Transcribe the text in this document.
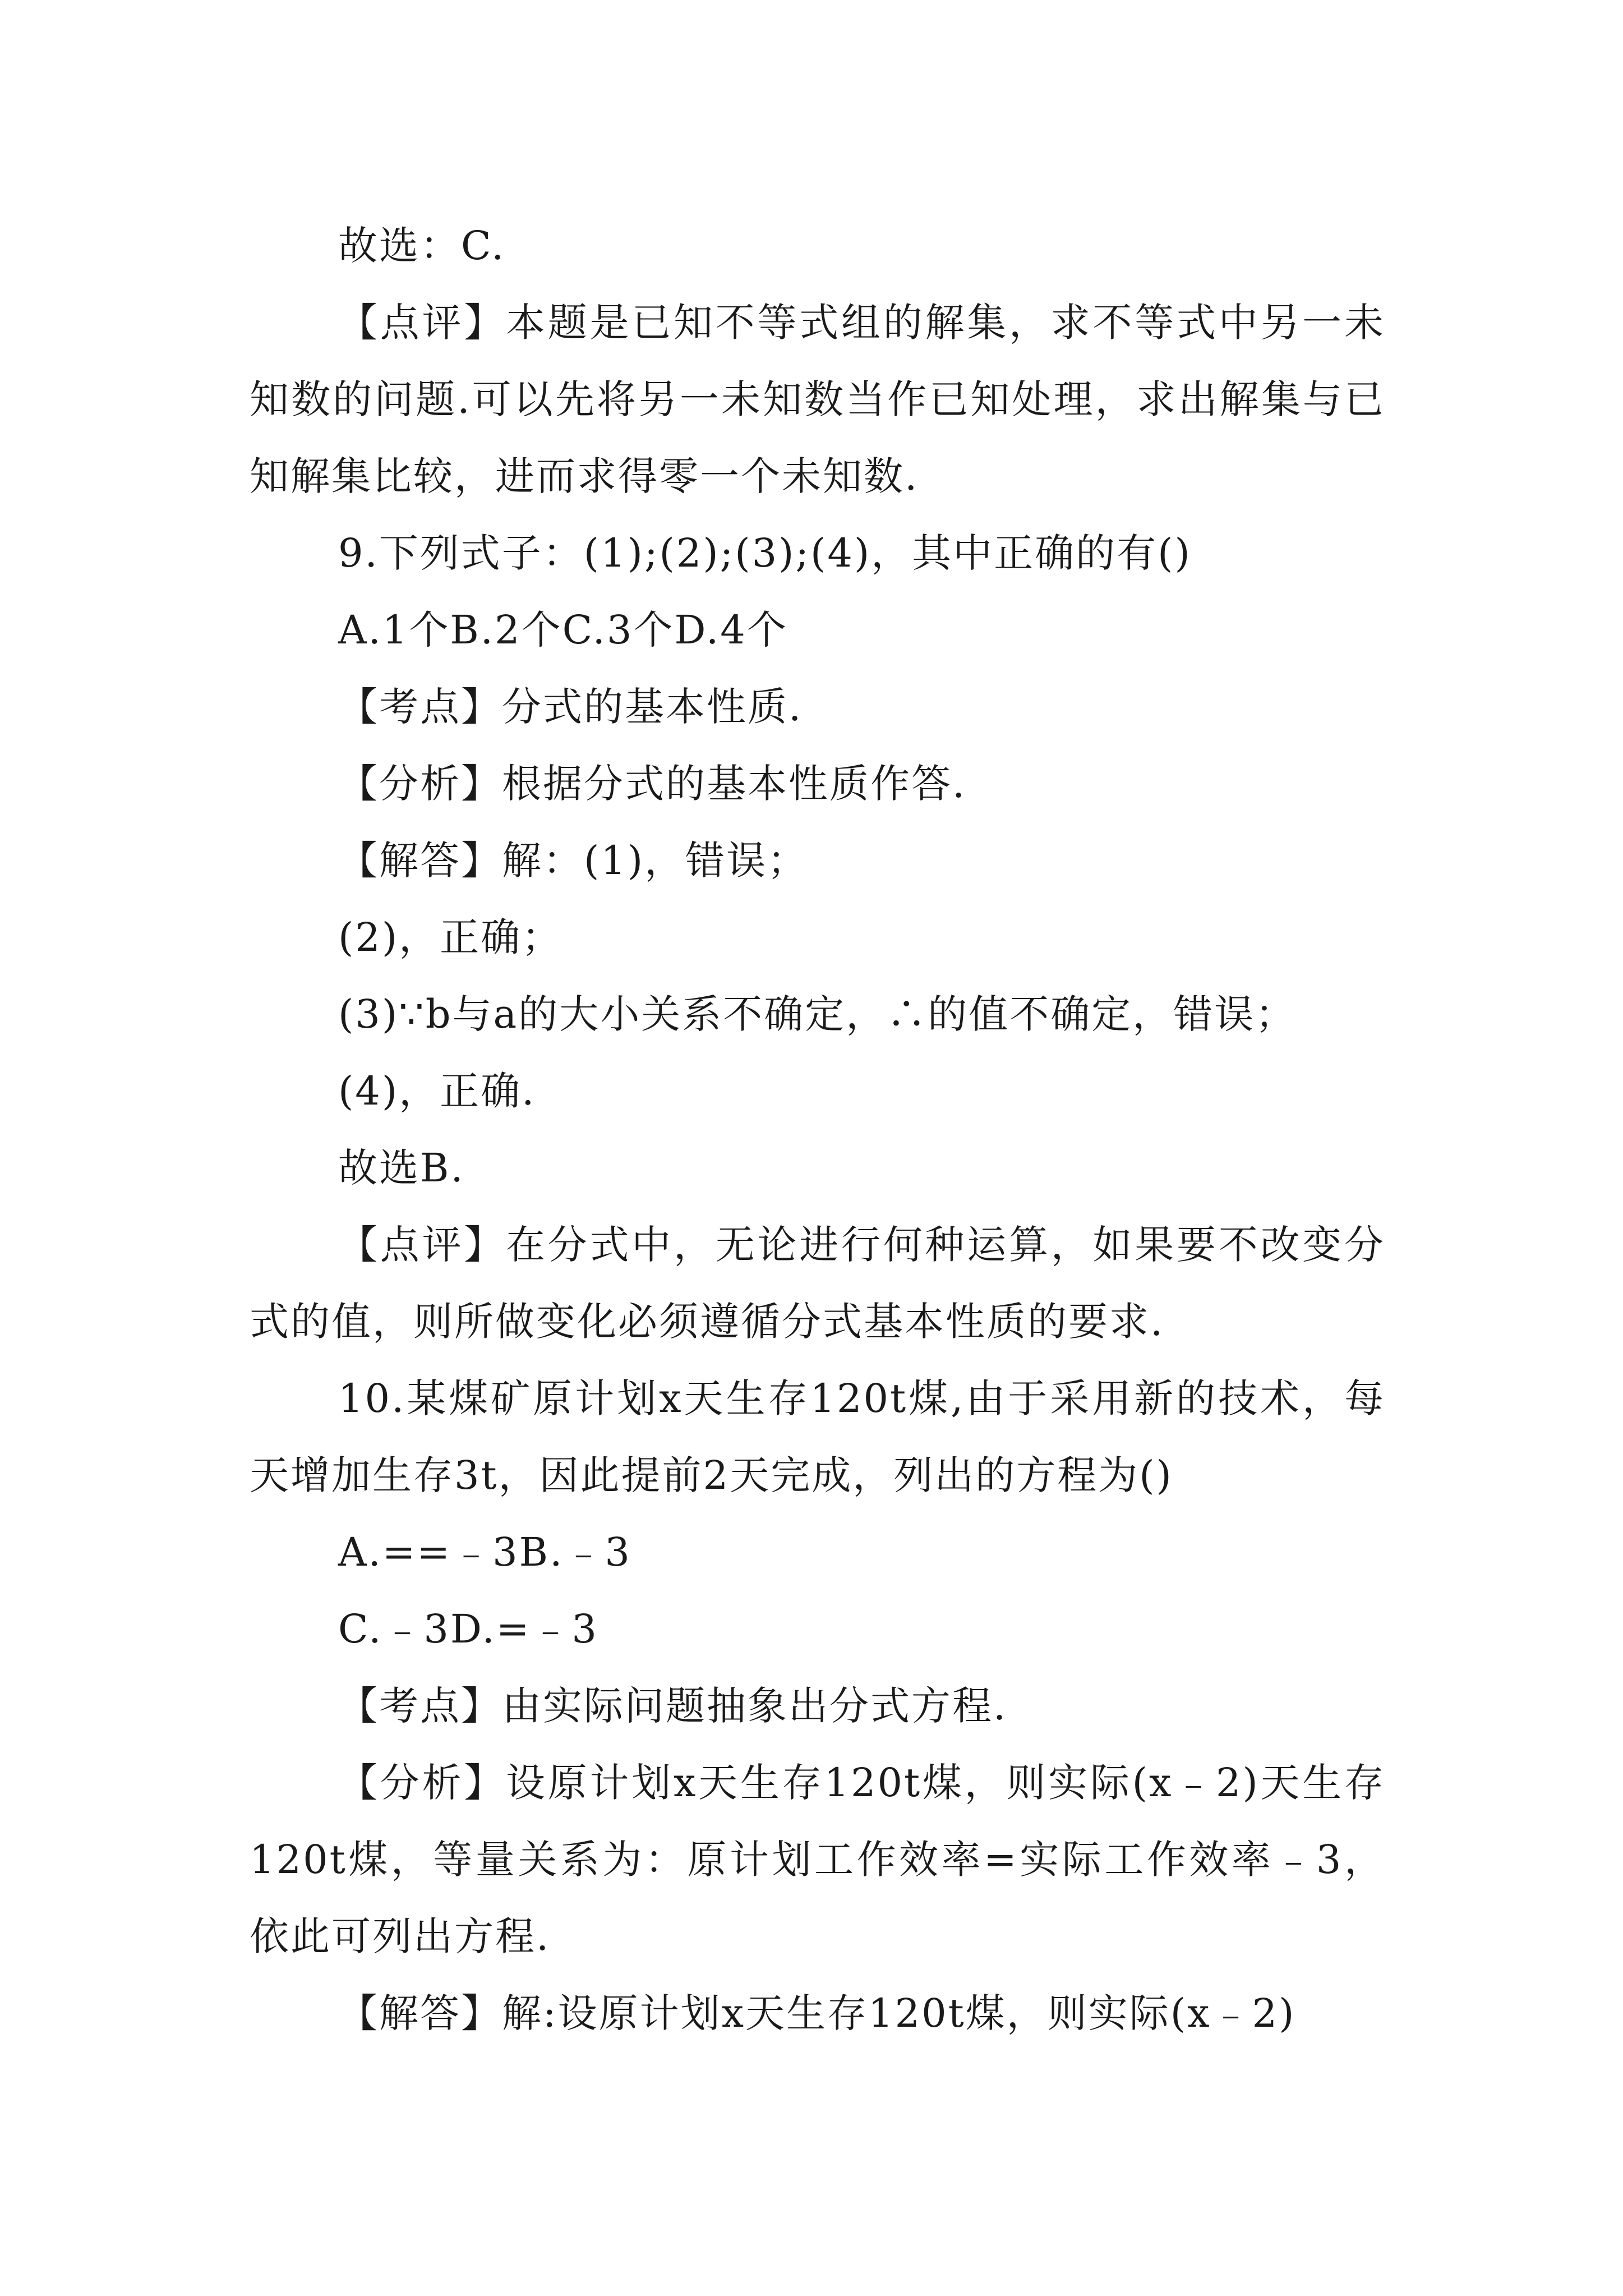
故选：C.

【点评】本题是已知不等式组的解集，求不等式中另一未知数的问题.可以先将另一未知数当作已知处理，求出解集与已知解集比较，进而求得零一个未知数.

9.下列式子：(1);(2);(3);(4)，其中正确的有()

A.1个B.2个C.3个D.4个

【考点】分式的基本性质.

【分析】根据分式的基本性质作答.

【解答】解：(1)，错误；

(2)，正确；

(3)∵b与a的大小关系不确定，∴的值不确定，错误；

(4)，正确.

故选B.

【点评】在分式中，无论进行何种运算，如果要不改变分式的值，则所做变化必须遵循分式基本性质的要求.

10.某煤矿原计划x天生存120t煤,由于采用新的技术，每天增加生存3t，因此提前2天完成，列出的方程为()

A.==﹣3B.﹣3

C.﹣3D.=﹣3

【考点】由实际问题抽象出分式方程.

【分析】设原计划x天生存120t煤，则实际(x﹣2)天生存120t煤，等量关系为：原计划工作效率=实际工作效率﹣3，依此可列出方程.

【解答】解:设原计划x天生存120t煤，则实际(x﹣2)
